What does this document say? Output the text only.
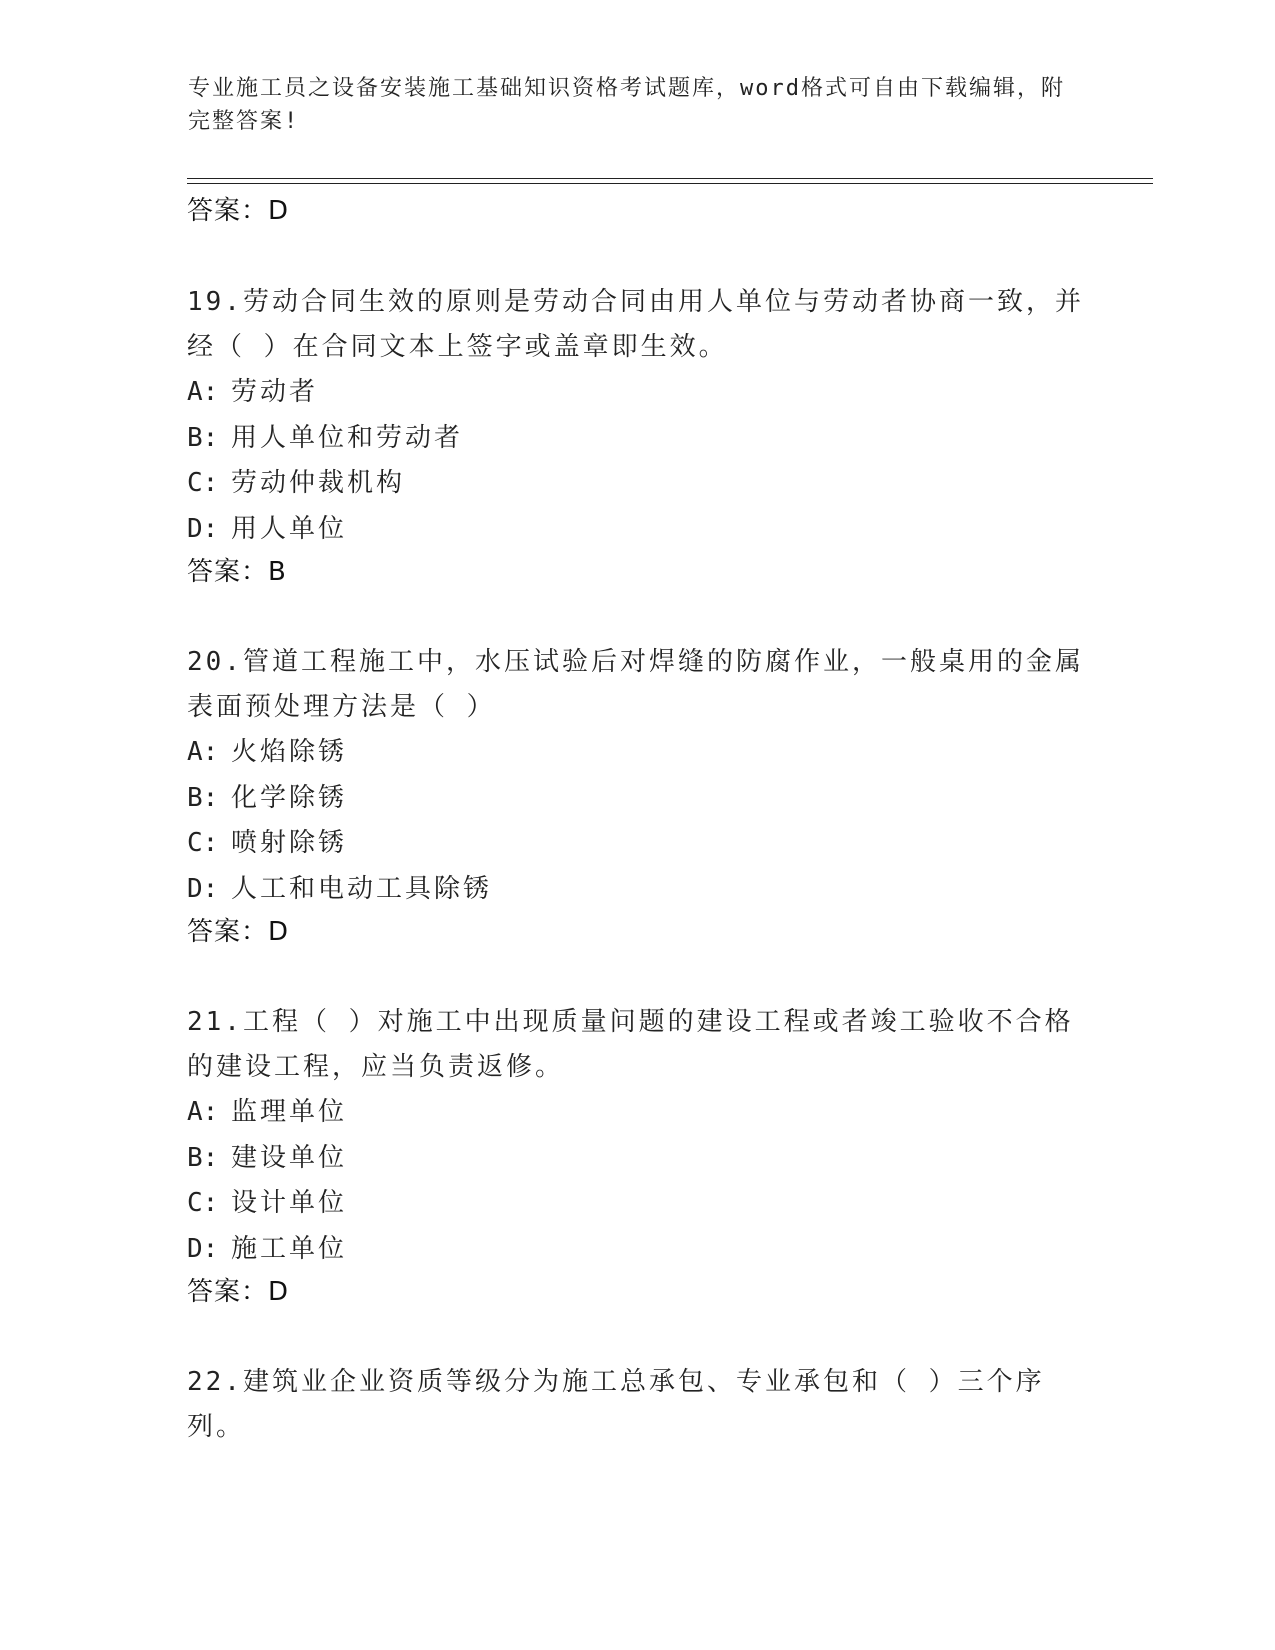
专业施工员之设备安装施工基础知识资格考试题库，word格式可自由下载编辑，附完整答案!
答案：D

19.劳动合同生效的原则是劳动合同由用人单位与劳动者协商一致，并经（ ）在合同文本上签字或盖章即生效。

A: 劳动者
B: 用人单位和劳动者
C: 劳动仲裁机构
D: 用人单位
答案：B

20.管道工程施工中，水压试验后对焊缝的防腐作业，一般桌用的金属表面预处理方法是（ ）

A: 火焰除锈
B: 化学除锈
C: 喷射除锈
D: 人工和电动工具除锈
答案：D

21.工程（ ）对施工中出现质量问题的建设工程或者竣工验收不合格的建设工程，应当负责返修。

A: 监理单位
B: 建设单位
C: 设计单位
D: 施工单位
答案：D

22.建筑业企业资质等级分为施工总承包、专业承包和（ ）三个序列。
